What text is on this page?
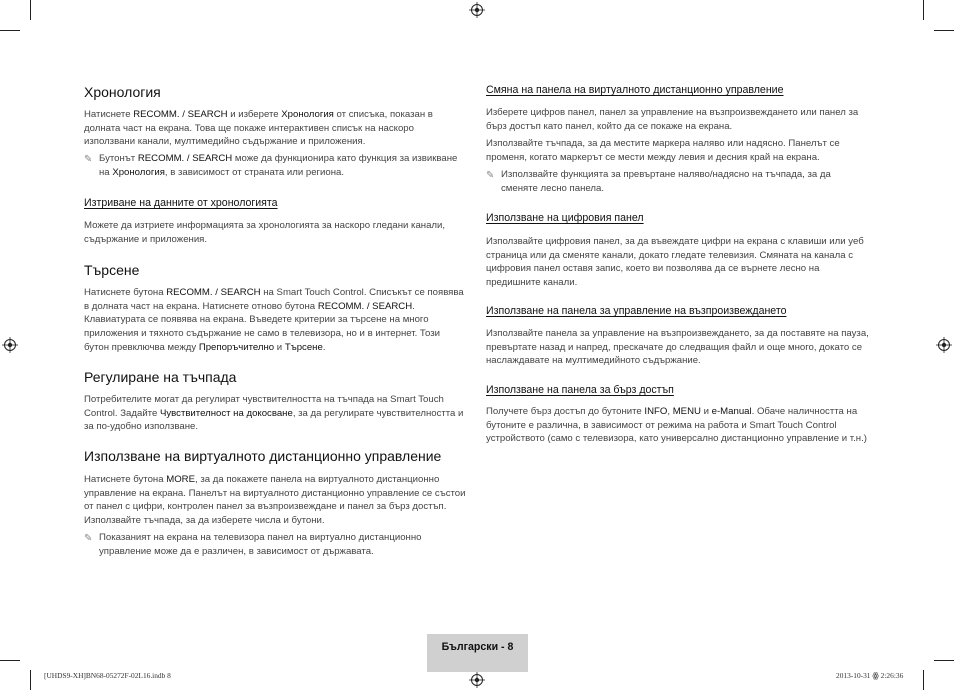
Хронология

Натиснете RECOMM. / SEARCH и изберете Хронология от списъка, показан в долната част на екрана. Това ще покаже интерактивен списък на наскоро използвани канали, мултимедийно съдържание и приложения.

✎ Бутонът RECOMM. / SEARCH може да функционира като функция за извикване на Хронология, в зависимост от страната или региона.

Изтриване на данните от хронологията

Можете да изтриете информацията за хронологията за наскоро гледани канали, съдържание и приложения.

Търсене

Натиснете бутона RECOMM. / SEARCH на Smart Touch Control. Списъкът се появява в долната част на екрана. Натиснете отново бутона RECOMM. / SEARCH. Клавиатурата се появява на екрана. Въведете критерии за търсене на много приложения и тяхното съдържание не само в телевизора, но и в интернет. Този бутон превключва между Препоръчително и Търсене.

Регулиране на тъчпада

Потребителите могат да регулират чувствителността на тъчпада на Smart Touch Control. Задайте Чувствителност на докосване, за да регулирате чувствителността и за по-удобно използване.

Използване на виртуалното дистанционно управление

Натиснете бутона MORE, за да покажете панела на виртуалното дистанционно управление на екрана. Панелът на виртуалното дистанционно управление се състои от панел с цифри, контролен панел за възпроизвеждане и панел за бърз достъп. Използвайте тъчпада, за да изберете числа и бутони.

✎ Показаният на екрана на телевизора панел на виртуално дистанционно управление може да е различен, в зависимост от държавата.

Смяна на панела на виртуалното дистанционно управление

Изберете цифров панел, панел за управление на възпроизвеждането или панел за бърз достъп като панел, който да се покаже на екрана.

Използвайте тъчпада, за да местите маркера наляво или надясно. Панелът се променя, когато маркерът се мести между левия и десния край на екрана.

✎ Използвайте функцията за превъртане наляво/надясно на тъчпада, за да сменяте лесно панела.

Използване на цифровия панел

Използвайте цифровия панел, за да въвеждате цифри на екрана с клавиши или уеб страница или да сменяте канали, докато гледате телевизия. Смяната на канала с цифровия панел оставя запис, което ви позволява да се върнете лесно на предишните канали.

Използване на панела за управление на възпроизвеждането

Използвайте панела за управление на възпроизвеждането, за да поставяте на пауза, превъртате назад и напред, прескачате до следващия файл и още много, докато се наслаждавате на мултимедийното съдържание.

Използване на панела за бърз достъп

Получете бърз достъп до бутоните INFO, MENU и e-Manual. Обаче наличността на бутоните е различна, в зависимост от режима на работа и Smart Touch Control устройството (само с телевизора, като универсално дистанционно управление и т.н.)

Български - 8
[UHDS9-XH]BN68-05272F-02L16.indb 8	2013-10-31 ꙮ 2:26:36
